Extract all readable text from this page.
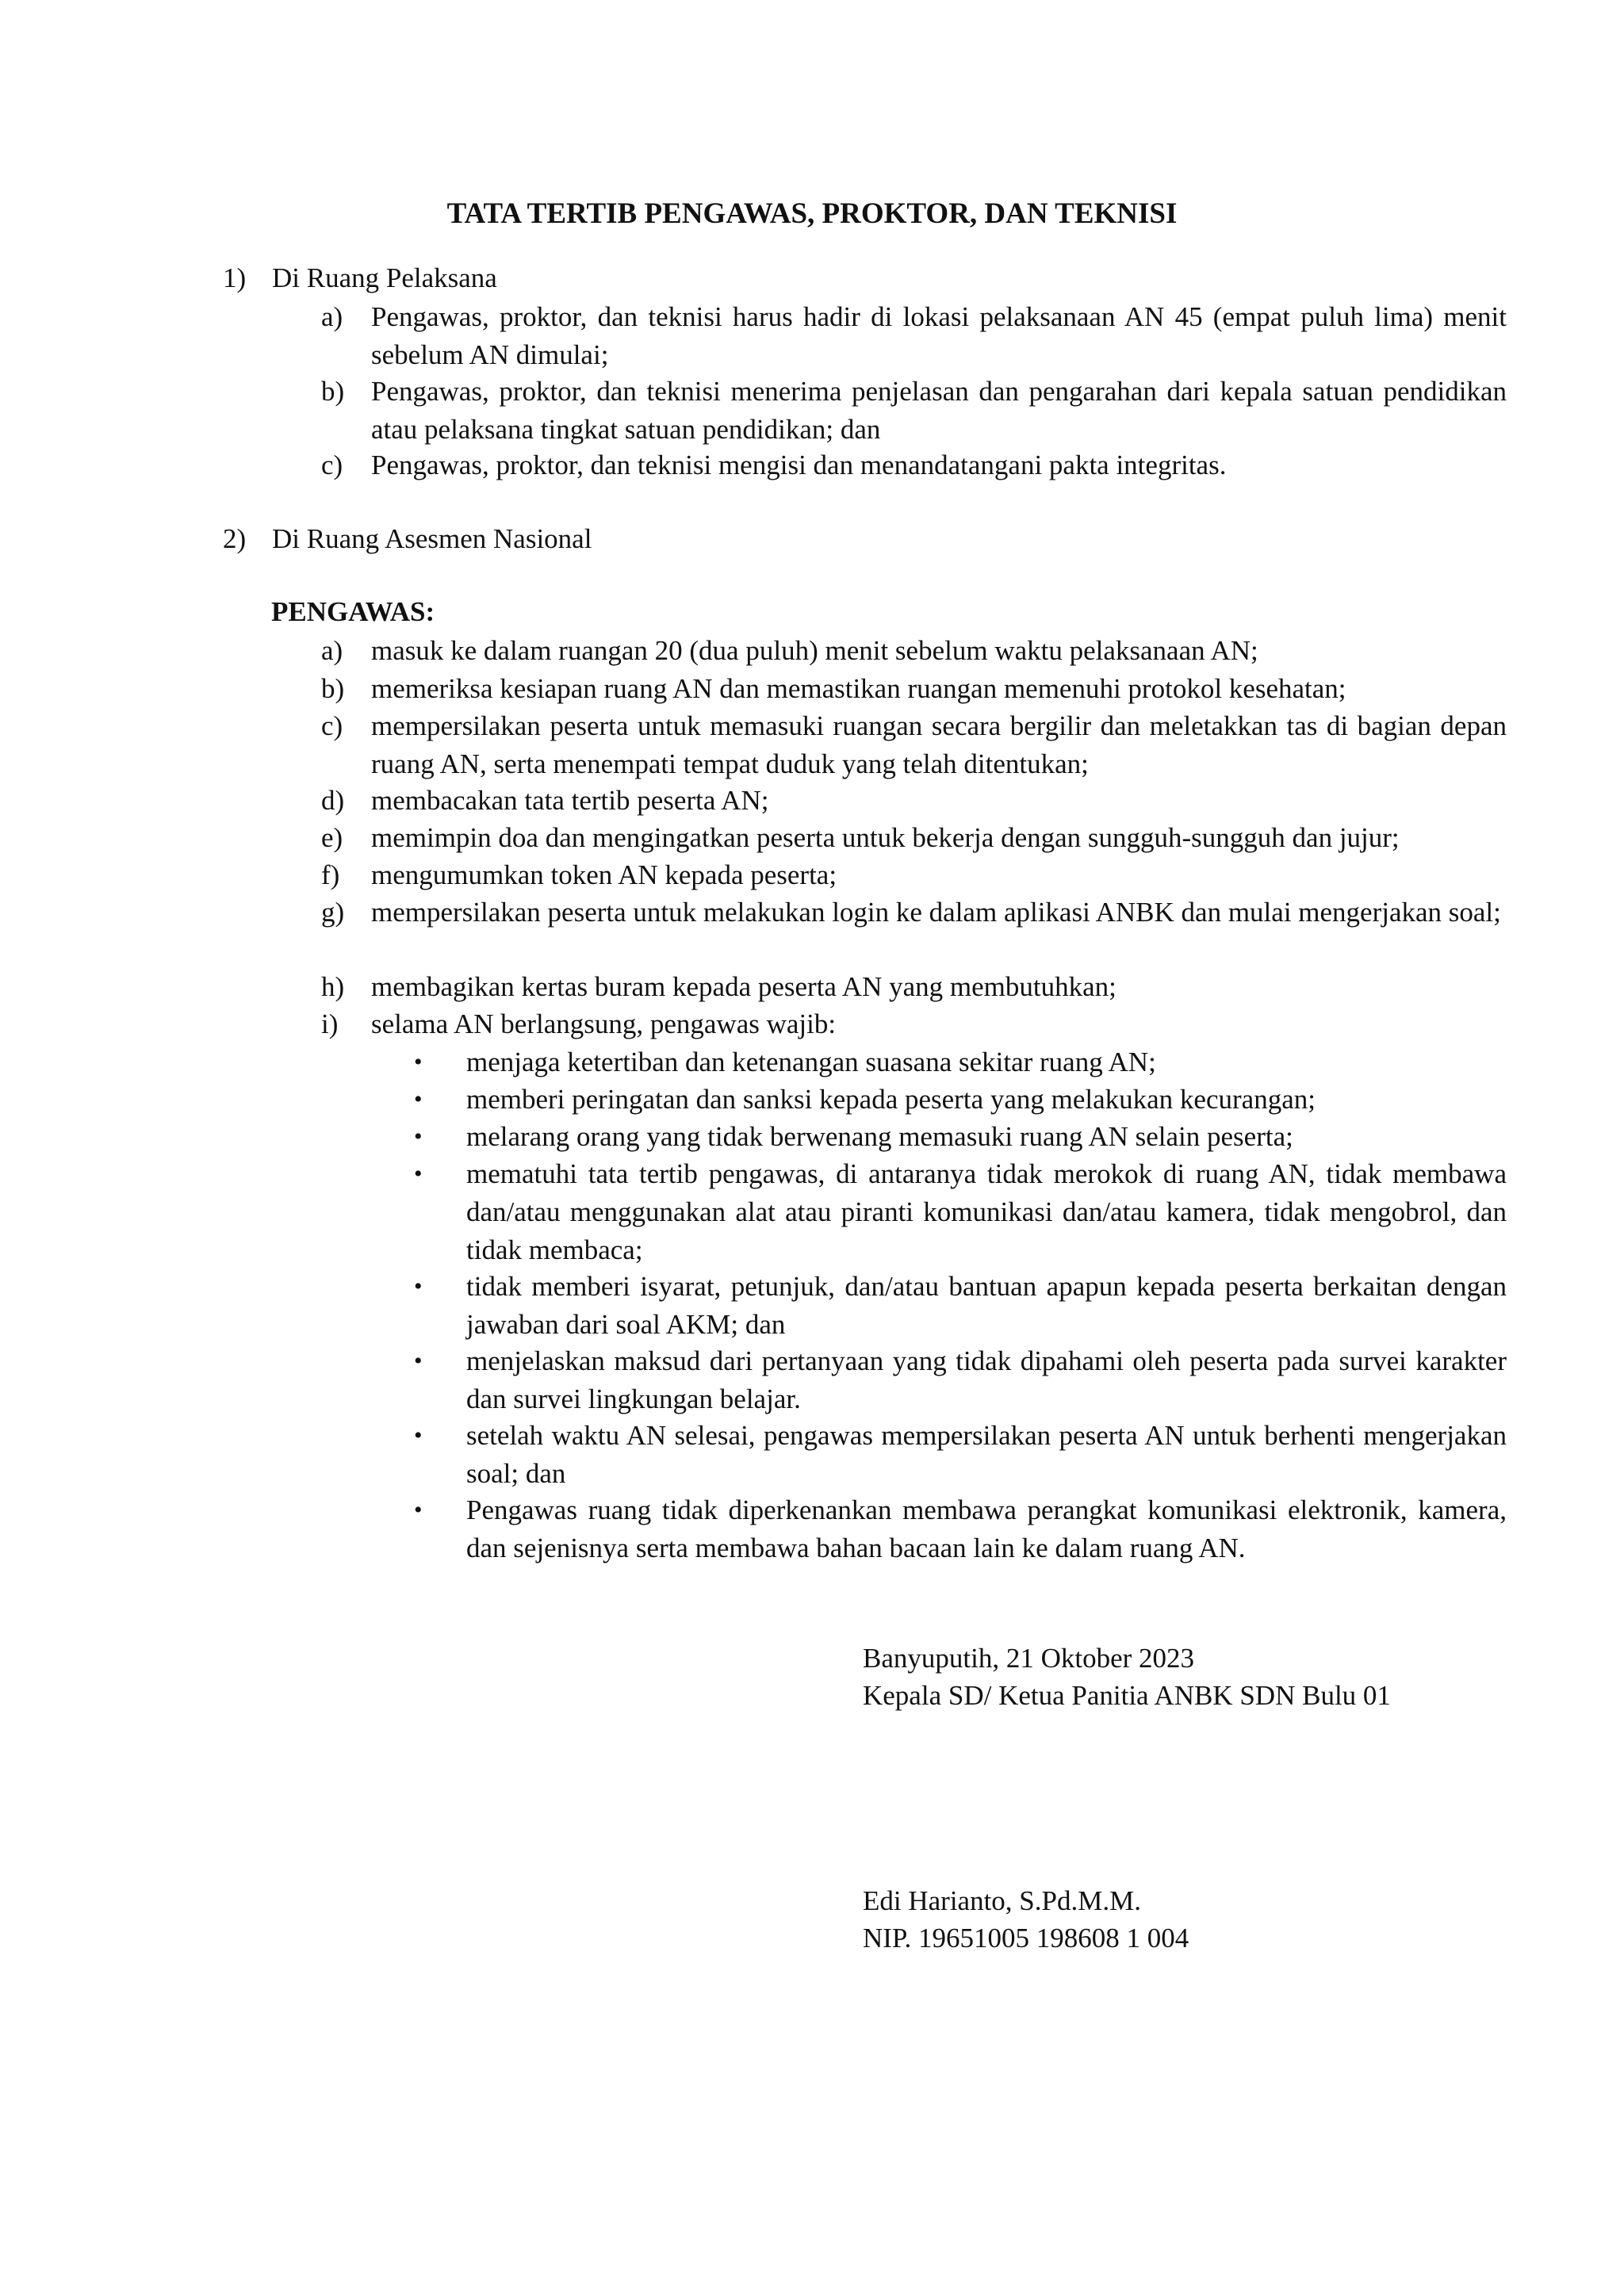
TATA TERTIB PENGAWAS, PROKTOR, DAN TEKNISI
1) Di Ruang Pelaksana
a) Pengawas, proktor, dan teknisi harus hadir di lokasi pelaksanaan AN 45 (empat puluh lima) menit sebelum AN dimulai;
b) Pengawas, proktor, dan teknisi menerima penjelasan dan pengarahan dari kepala satuan pendidikan atau pelaksana tingkat satuan pendidikan; dan
c) Pengawas, proktor, dan teknisi mengisi dan menandatangani pakta integritas.
2) Di Ruang Asesmen Nasional
PENGAWAS:
a) masuk ke dalam ruangan 20 (dua puluh) menit sebelum waktu pelaksanaan AN;
b) memeriksa kesiapan ruang AN dan memastikan ruangan memenuhi protokol kesehatan;
c) mempersilakan peserta untuk memasuki ruangan secara bergilir dan meletakkan tas di bagian depan ruang AN, serta menempati tempat duduk yang telah ditentukan;
d) membacakan tata tertib peserta AN;
e) memimpin doa dan mengingatkan peserta untuk bekerja dengan sungguh-sungguh dan jujur;
f) mengumumkan token AN kepada peserta;
g) mempersilakan peserta untuk melakukan login ke dalam aplikasi ANBK dan mulai mengerjakan soal;
h) membagikan kertas buram kepada peserta AN yang membutuhkan;
i) selama AN berlangsung, pengawas wajib:
• menjaga ketertiban dan ketenangan suasana sekitar ruang AN;
• memberi peringatan dan sanksi kepada peserta yang melakukan kecurangan;
• melarang orang yang tidak berwenang memasuki ruang AN selain peserta;
• mematuhi tata tertib pengawas, di antaranya tidak merokok di ruang AN, tidak membawa dan/atau menggunakan alat atau piranti komunikasi dan/atau kamera, tidak mengobrol, dan tidak membaca;
• tidak memberi isyarat, petunjuk, dan/atau bantuan apapun kepada peserta berkaitan dengan jawaban dari soal AKM; dan
• menjelaskan maksud dari pertanyaan yang tidak dipahami oleh peserta pada survei karakter dan survei lingkungan belajar.
• setelah waktu AN selesai, pengawas mempersilakan peserta AN untuk berhenti mengerjakan soal; dan
• Pengawas ruang tidak diperkenankan membawa perangkat komunikasi elektronik, kamera, dan sejenisnya serta membawa bahan bacaan lain ke dalam ruang AN.
Banyuputih, 21 Oktober 2023
Kepala SD/ Ketua Panitia ANBK SDN Bulu 01
Edi Harianto, S.Pd.M.M.
NIP. 19651005 198608 1 004
